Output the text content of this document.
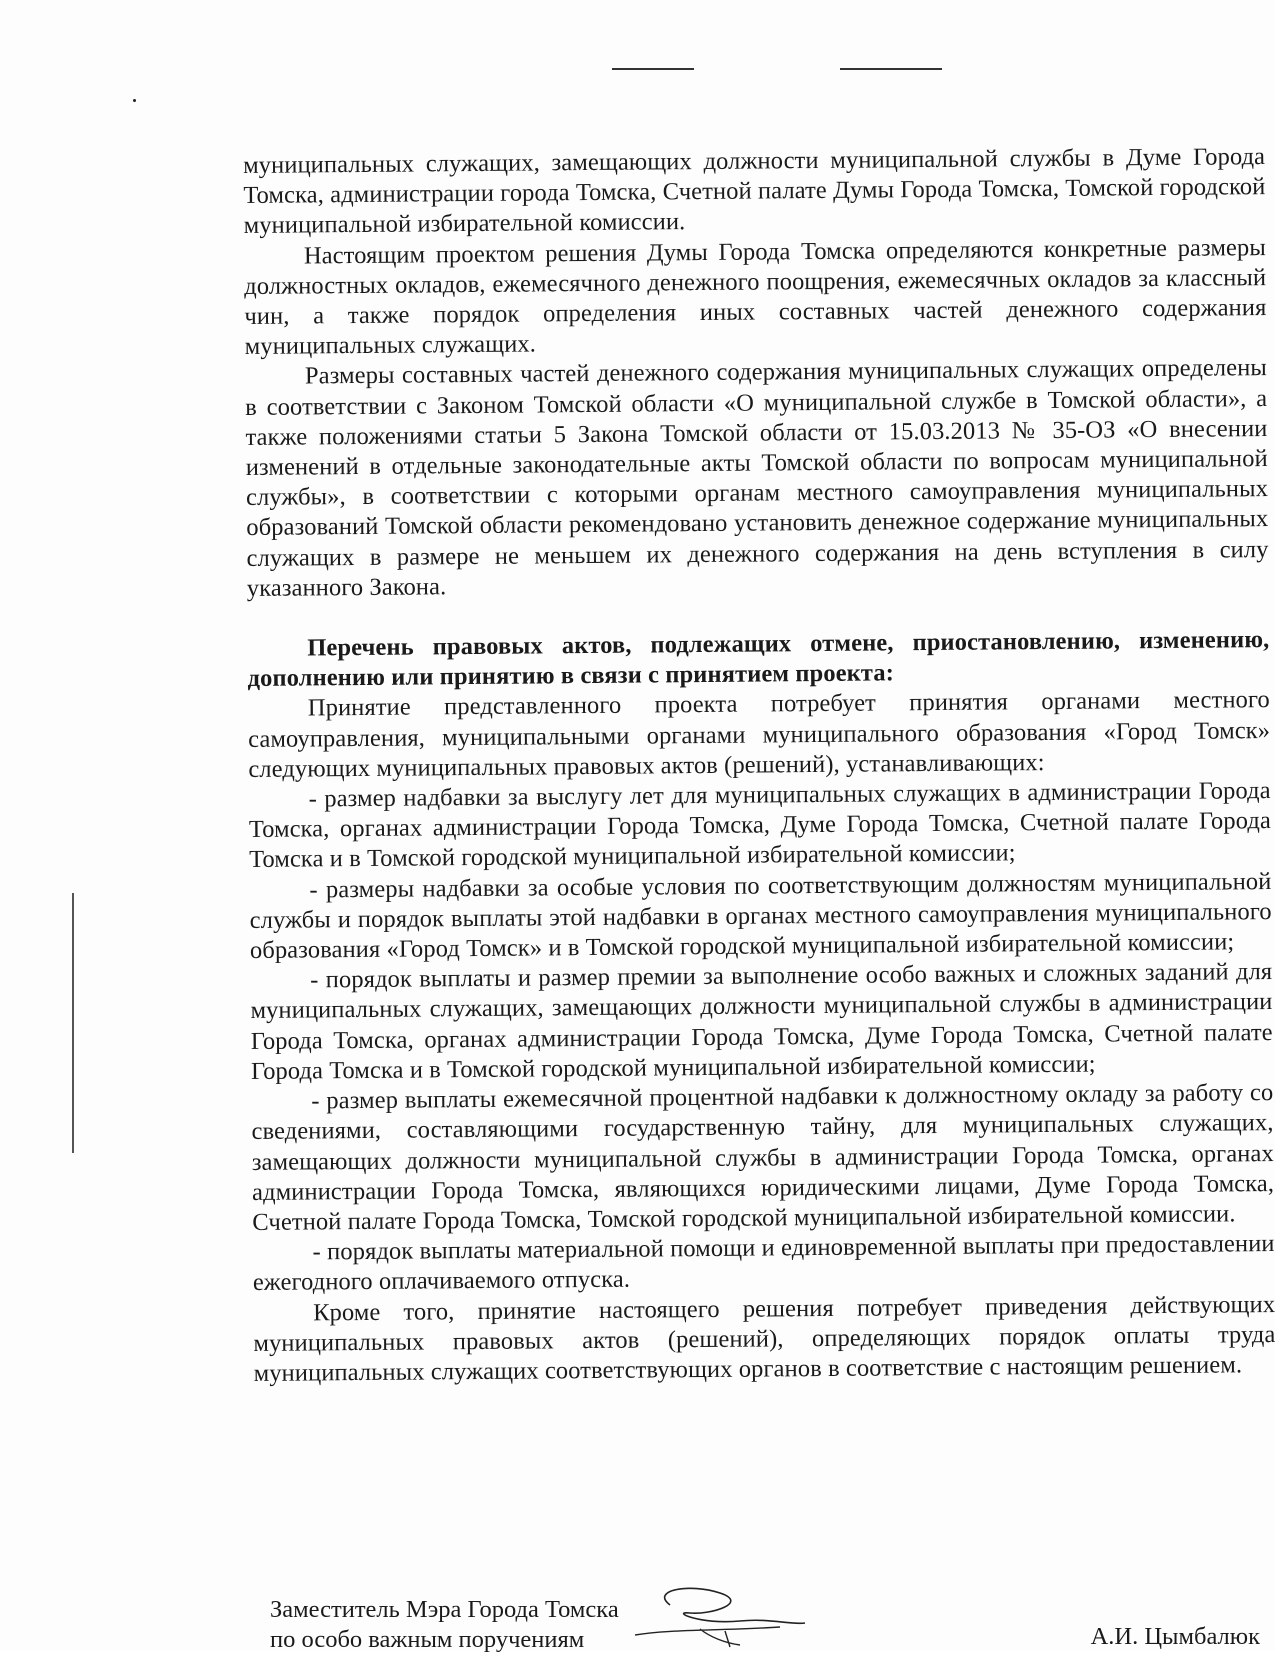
муниципальных служащих, замещающих должности муниципальной службы в Думе Города Томска, администрации города Томска, Счетной палате Думы Города Томска, Томской городской муниципальной избирательной комиссии.

Настоящим проектом решения Думы Города Томска определяются конкретные размеры должностных окладов, ежемесячного денежного поощрения, ежемесячных окладов за классный чин, а также порядок определения иных составных частей денежного содержания муниципальных служащих.

Размеры составных частей денежного содержания муниципальных служащих определены в соответствии с Законом Томской области «О муниципальной службе в Томской области», а также положениями статьи 5 Закона Томской области от 15.03.2013 № 35-ОЗ «О внесении изменений в отдельные законодательные акты Томской области по вопросам муниципальной службы», в соответствии с которыми органам местного самоуправления муниципальных образований Томской области рекомендовано установить денежное содержание муниципальных служащих в размере не меньшем их денежного содержания на день вступления в силу указанного Закона.

Перечень правовых актов, подлежащих отмене, приостановлению, изменению, дополнению или принятию в связи с принятием проекта:

Принятие представленного проекта потребует принятия органами местного самоуправления, муниципальными органами муниципального образования «Город Томск» следующих муниципальных правовых актов (решений), устанавливающих:

- размер надбавки за выслугу лет для муниципальных служащих в администрации Города Томска, органах администрации Города Томска, Думе Города Томска, Счетной палате Города Томска и в Томской городской муниципальной избирательной комиссии;

- размеры надбавки за особые условия по соответствующим должностям муниципальной службы и порядок выплаты этой надбавки в органах местного самоуправления муниципального образования «Город Томск» и в Томской городской муниципальной избирательной комиссии;

- порядок выплаты и размер премии за выполнение особо важных и сложных заданий для муниципальных служащих, замещающих должности муниципальной службы в администрации Города Томска, органах администрации Города Томска, Думе Города Томска, Счетной палате Города Томска и в Томской городской муниципальной избирательной комиссии;

- размер выплаты ежемесячной процентной надбавки к должностному окладу за работу со сведениями, составляющими государственную тайну, для муниципальных служащих, замещающих должности муниципальной службы в администрации Города Томска, органах администрации Города Томска, являющихся юридическими лицами, Думе Города Томска, Счетной палате Города Томска, Томской городской муниципальной избирательной комиссии.

- порядок выплаты материальной помощи и единовременной выплаты при предоставлении ежегодного оплачиваемого отпуска.

Кроме того, принятие настоящего решения потребует приведения действующих муниципальных правовых актов (решений), определяющих порядок оплаты труда муниципальных служащих соответствующих органов в соответствие с настоящим решением.

Заместитель Мэра Города Томска
по особо важным поручениям	А.И. Цымбалюк
